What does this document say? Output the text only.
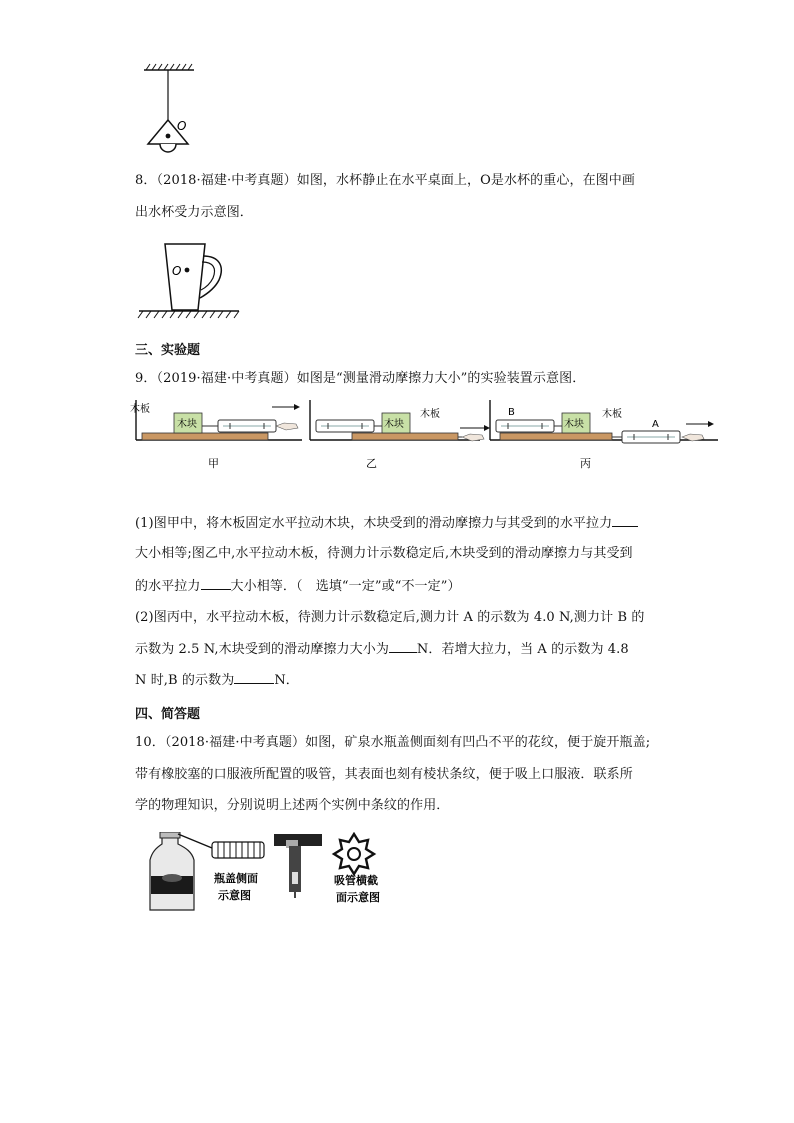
O
8．（2018·福建·中考真题）如图，水杯静止在水平桌面上，O是水杯的重心，在图中画
出水杯受力示意图．
O
三、实验题
9．（2019·福建·中考真题）如图是“测量滑动摩擦力大小”的实验装置示意图．
木板
木块
甲
木块
木板
乙
B
木块
木板
A
丙
(1)图甲中，将木板固定水平拉动木块，木块受到的滑动摩擦力与其受到的水平拉力
大小相等;图乙中,水平拉动木板，待测力计示数稳定后,木块受到的滑动摩擦力与其受到
的水平拉力 大小相等．（　选填“一定”或“不一定”）
(2)图丙中，水平拉动木板，待测力计示数稳定后,测力计 A 的示数为 4.0 N,测力计 B 的
示数为 2.5 N,木块受到的滑动摩擦力大小为 N．若增大拉力，当 A 的示数为 4.8
N 时,B 的示数为	N．
四、简答题
10．（2018·福建·中考真题）如图，矿泉水瓶盖侧面刻有凹凸不平的花纹，便于旋开瓶盖;
带有橡胶塞的口服液所配置的吸管，其表面也刻有棱状条纹，便于吸上口服液．联系所
学的物理知识，分别说明上述两个实例中条纹的作用．
瓶盖侧面
示意图
吸管横截
面示意图
